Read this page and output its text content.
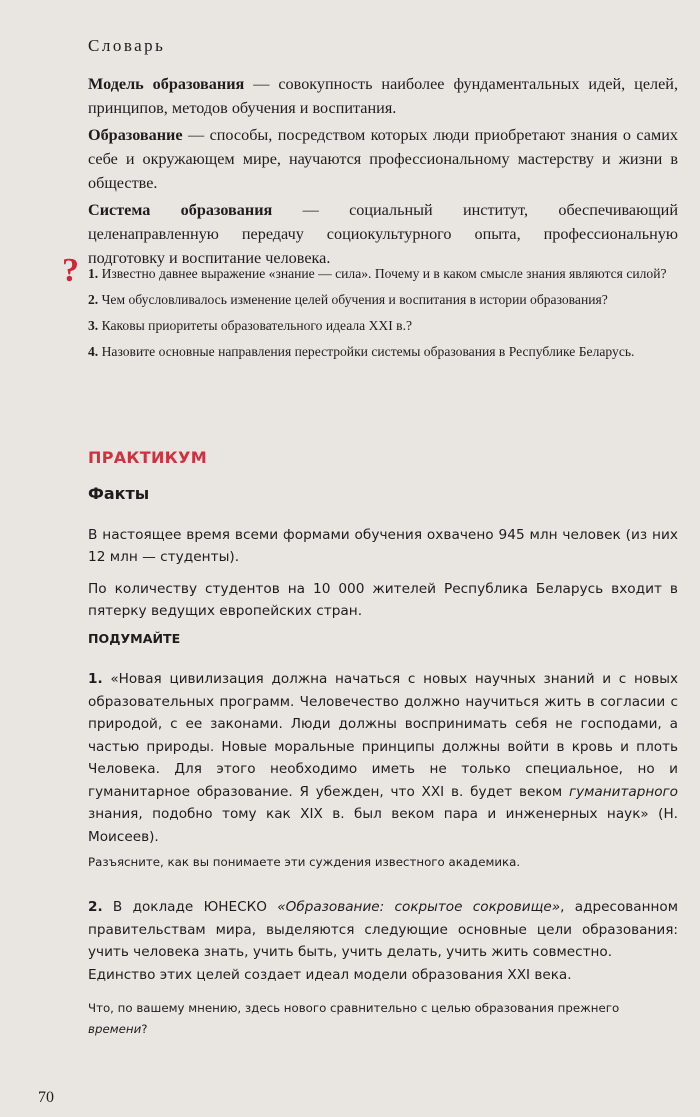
Словарь

Модель образования — совокупность наиболее фундаментальных идей, целей, принципов, методов обучения и воспитания.

Образование — способы, посредством которых люди приобретают знания о самих себе и окружающем мире, научаются профессиональному мастерству и жизни в обществе.

Система образования — социальный институт, обеспечивающий целенаправленную передачу социокультурного опыта, профессиональную подготовку и воспитание человека.

? 1. Известно давнее выражение «знание — сила». Почему и в каком смысле знания являются силой?

2. Чем обусловливалось изменение целей обучения и воспитания в истории образования?

3. Каковы приоритеты образовательного идеала XXI в.?

4. Назовите основные направления перестройки системы образования в Республике Беларусь.

ПРАКТИКУМ
Факты

В настоящее время всеми формами обучения охвачено 945 млн человек (из них 12 млн — студенты).

По количеству студентов на 10 000 жителей Республика Беларусь входит в пятерку ведущих европейских стран.

ПОДУМАЙТЕ

1. «Новая цивилизация должна начаться с новых научных знаний и с новых образовательных программ. Человечество должно научиться жить в согласии с природой, с ее законами. Люди должны воспринимать себя не господами, а частью природы. Новые моральные принципы должны войти в кровь и плоть Человека. Для этого необходимо иметь не только специальное, но и гуманитарное образование. Я убежден, что XXI в. будет веком гуманитарного знания, подобно тому как XIX в. был веком пара и инженерных наук» (Н. Моисеев).

Разъясните, как вы понимаете эти суждения известного академика.

2. В докладе ЮНЕСКО «Образование: сокрытое сокровище», адресованном правительствам мира, выделяются следующие основные цели образования: учить человека знать, учить быть, учить делать, учить жить совместно.

Единство этих целей создает идеал модели образования XXI века.

Что, по вашему мнению, здесь нового сравнительно с целью образования прежнего времени?
70
